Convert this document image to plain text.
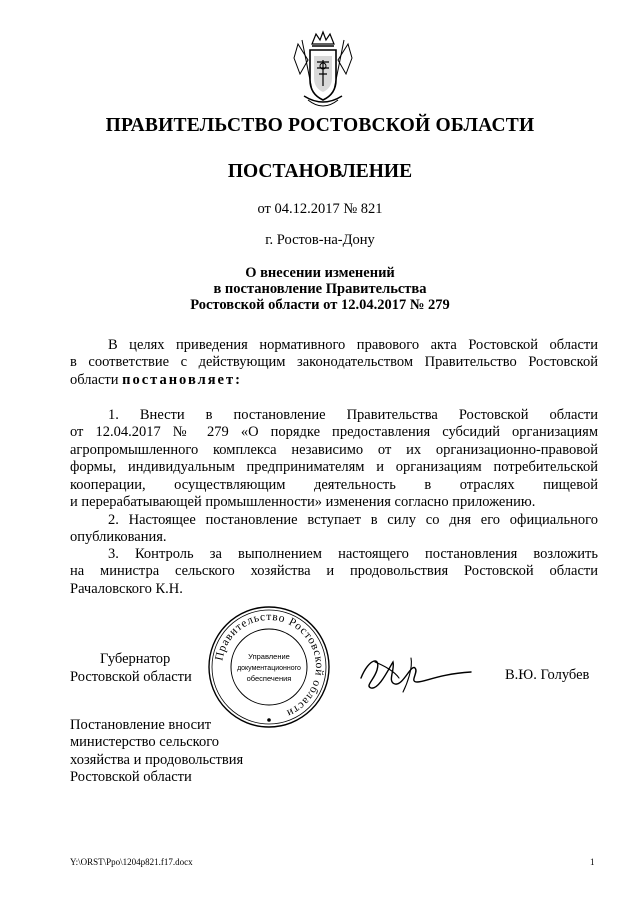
ПРАВИТЕЛЬСТВО РОСТОВСКОЙ ОБЛАСТИ
ПОСТАНОВЛЕНИЕ
от 04.12.2017 № 821
г. Ростов-на-Дону
О внесении изменений
в постановление Правительства
Ростовской области от 12.04.2017 № 279
В целях приведения нормативного правового акта Ростовской области
в соответствие с действующим законодательством Правительство Ростовской
области постановляет:
1. Внести в постановление Правительства Ростовской области
от 12.04.2017 № 279 «О порядке предоставления субсидий организациям
агропромышленного комплекса независимо от их организационно-правовой
формы, индивидуальным предпринимателям и организациям потребительской
кооперации, осуществляющим деятельность в отраслях пищевой
и перерабатывающей промышленности» изменения согласно приложению.
2. Настоящее постановление вступает в силу со дня его официального
опубликования.
3. Контроль за выполнением настоящего постановления возложить
на министра сельского хозяйства и продовольствия Ростовской области
Рачаловского К.Н.
Губернатор
Ростовской области
Правительство Ростовской области
Управление
документационного
обеспечения	В.Ю. Голубев
Постановление вносит
министерство сельского
хозяйства и продовольствия
Ростовской области
Y:\ORST\Ppo\1204p821.f17.docx	1
